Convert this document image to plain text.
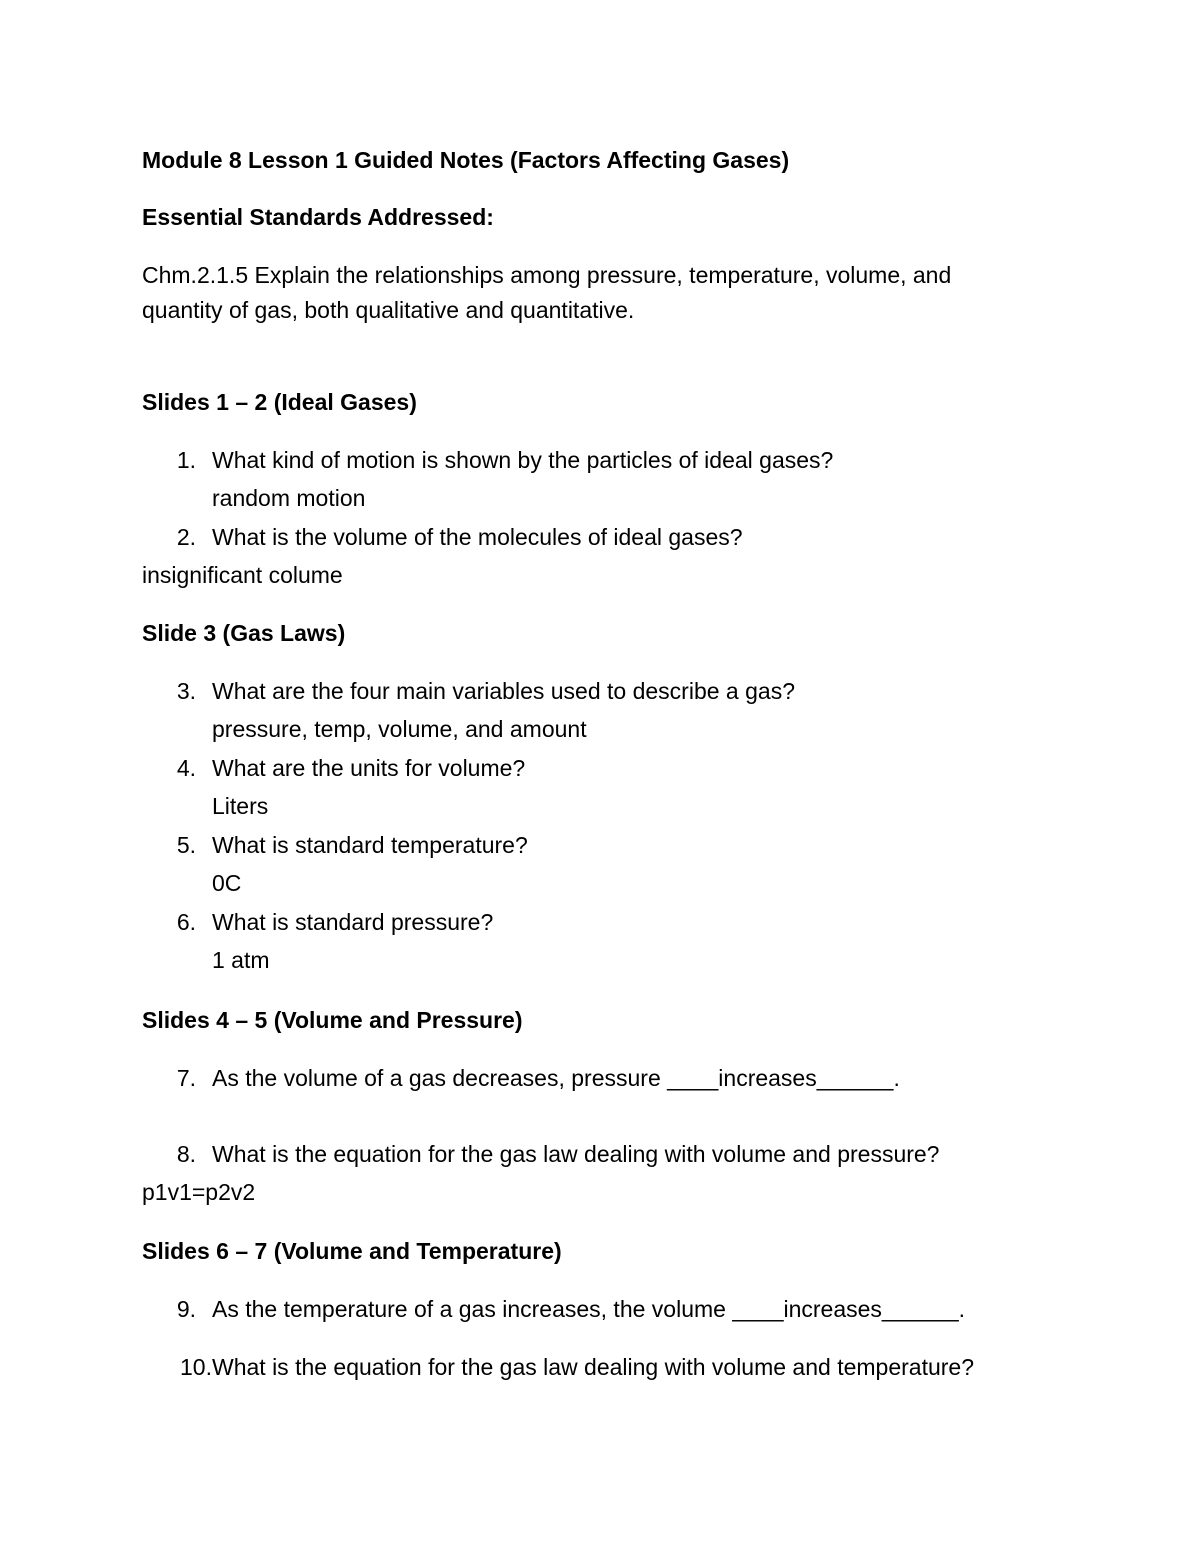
Module 8 Lesson 1 Guided Notes (Factors Affecting Gases)
Essential Standards Addressed:
Chm.2.1.5 Explain the relationships among pressure, temperature, volume, and
quantity of gas, both qualitative and quantitative.
Slides 1 – 2 (Ideal Gases)
1. What kind of motion is shown by the particles of ideal gases?
random motion
2. What is the volume of the molecules of ideal gases?
insignificant colume
Slide 3 (Gas Laws)
3. What are the four main variables used to describe a gas?
pressure, temp, volume, and amount
4. What are the units for volume?
Liters
5. What is standard temperature?
0C
6. What is standard pressure?
1 atm
Slides 4 – 5 (Volume and Pressure)
7. As the volume of a gas decreases, pressure ____increases______.
8. What is the equation for the gas law dealing with volume and pressure?
p1v1=p2v2
Slides 6 – 7 (Volume and Temperature)
9. As the temperature of a gas increases, the volume ____increases______.
10. What is the equation for the gas law dealing with volume and temperature?
